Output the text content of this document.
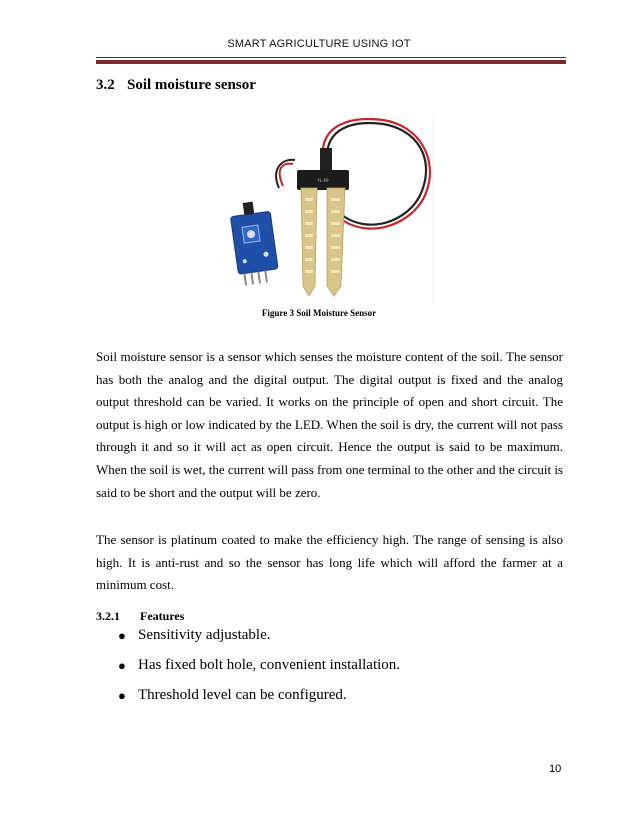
SMART AGRICULTURE USING IOT
3.2 Soil moisture sensor
YL-69
Figure 3 Soil Moisture Sensor

Soil moisture sensor is a sensor which senses the moisture content of the soil. The sensor has both the analog and the digital output. The digital output is fixed and the analog output threshold can be varied. It works on the principle of open and short circuit. The output is high or low indicated by the LED. When the soil is dry, the current will not pass through it and so it will act as open circuit. Hence the output is said to be maximum. When the soil is wet, the current will pass from one terminal to the other and the circuit is said to be short and the output will be zero.

The sensor is platinum coated to make the efficiency high. The range of sensing is also high. It is anti-rust and so the sensor has long life which will afford the farmer at a minimum cost.

3.2.1 Features
● Sensitivity adjustable.
● Has fixed bolt hole, convenient installation.
● Threshold level can be configured.
10
